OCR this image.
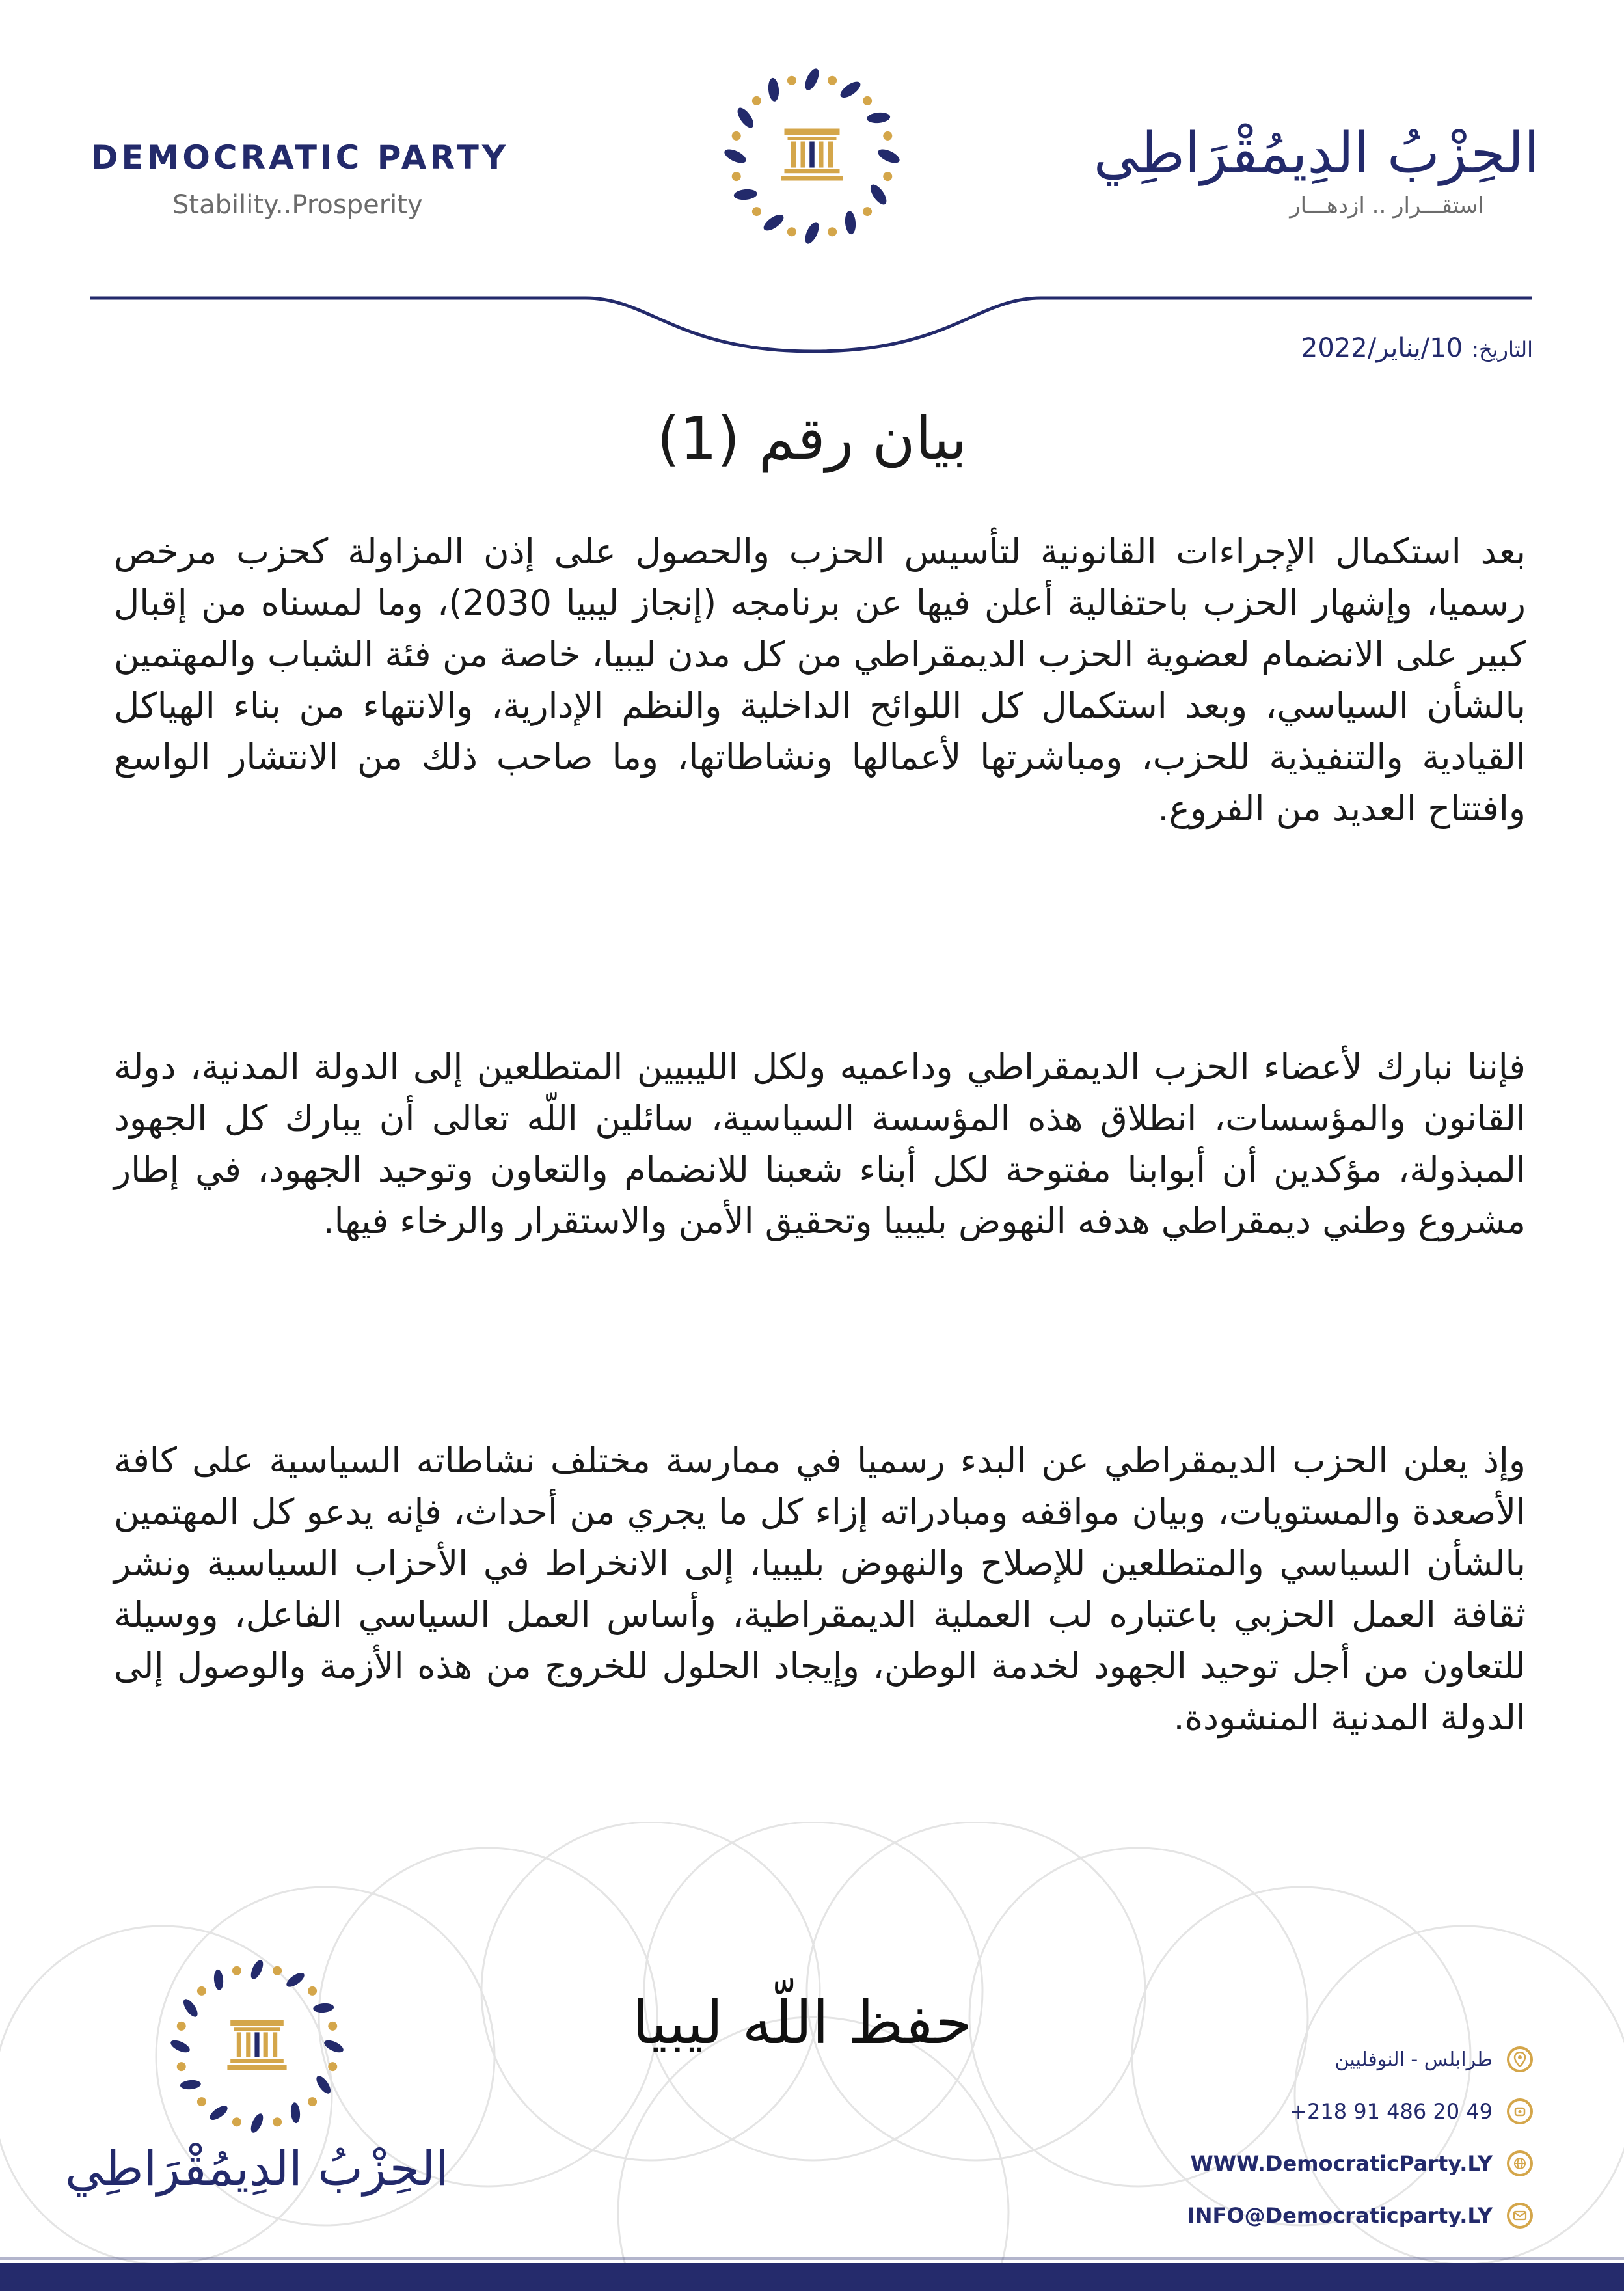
DEMOCRATIC PARTY
Stability..Prosperity
الحِزْبُ الدِيمُقْرَاطِي
استقـــرار .. ازدهـــار
التاريخ:10/يناير/2022
بيان رقم (1)

بعد استكمال الإجراءات القانونية لتأسيس الحزب والحصول على إذن المزاولة كحزب مرخص رسميا، وإشهار الحزب باحتفالية أعلن فيها عن برنامجه (إنجاز ليبيا 2030)، وما لمسناه من إقبال كبير على الانضمام لعضوية الحزب الديمقراطي من كل مدن ليبيا، خاصة من فئة الشباب والمهتمين بالشأن السياسي، وبعد استكمال كل اللوائح الداخلية والنظم الإدارية، والانتهاء من بناء الهياكل القيادية والتنفيذية للحزب، ومباشرتها لأعمالها ونشاطاتها، وما صاحب ذلك من الانتشار الواسع وافتتاح العديد من الفروع.

فإننا نبارك لأعضاء الحزب الديمقراطي وداعميه ولكل الليبيين المتطلعين إلى الدولة المدنية، دولة القانون والمؤسسات، انطلاق هذه المؤسسة السياسية، سائلين اللّه تعالى أن يبارك كل الجهود المبذولة، مؤكدين أن أبوابنا مفتوحة لكل أبناء شعبنا للانضمام والتعاون وتوحيد الجهود، في إطار مشروع وطني ديمقراطي هدفه النهوض بليبيا وتحقيق الأمن والاستقرار والرخاء فيها.

وإذ يعلن الحزب الديمقراطي عن البدء رسميا في ممارسة مختلف نشاطاته السياسية على كافة الأصعدة والمستويات، وبيان مواقفه ومبادراته إزاء كل ما يجري من أحداث، فإنه يدعو كل المهتمين بالشأن السياسي والمتطلعين للإصلاح والنهوض بليبيا، إلى الانخراط في الأحزاب السياسية ونشر ثقافة العمل الحزبي باعتباره لب العملية الديمقراطية، وأساس العمل السياسي الفاعل، ووسيلة للتعاون من أجل توحيد الجهود لخدمة الوطن، وإيجاد الحلول للخروج من هذه الأزمة والوصول إلى الدولة المدنية المنشودة.

حفظ اللّه ليبيا
الحِزْبُ الدِيمُقْرَاطِي
طرابلس - النوفليين
+218 91 486 20 49
WWW.DemocraticParty.LY
INFO@Democraticparty.LY
